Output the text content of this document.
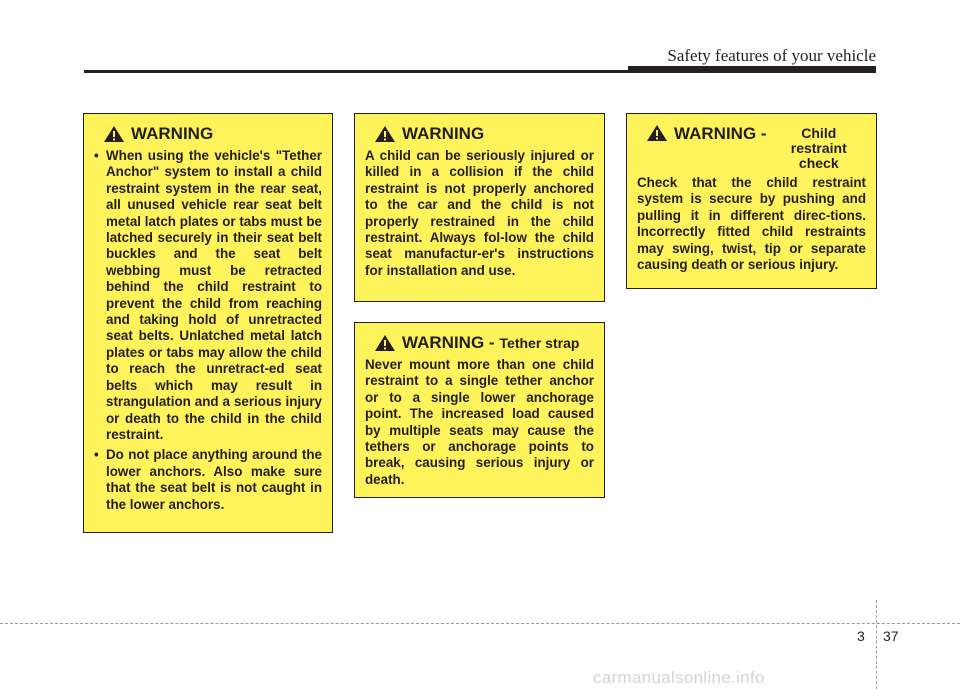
Safety features of your vehicle
WARNING
• When using the vehicle's "Tether Anchor" system to install a child restraint system in the rear seat, all unused vehicle rear seat belt metal latch plates or tabs must be latched securely in their seat belt buckles and the seat belt webbing must be retracted behind the child restraint to prevent the child from reaching and taking hold of unretracted seat belts. Unlatched metal latch plates or tabs may allow the child to reach the unretract-ed seat belts which may result in strangulation and a serious injury or death to the child in the child restraint.
• Do not place anything around the lower anchors. Also make sure that the seat belt is not caught in the lower anchors.
WARNING

A child can be seriously injured or killed in a collision if the child restraint is not properly anchored to the car and the child is not properly restrained in the child restraint. Always fol-low the child seat manufactur-er's instructions for installation and use.

WARNING - Tether strap

Never mount more than one child restraint to a single tether anchor or to a single lower anchorage point. The increased load caused by multiple seats may cause the tethers or anchorage points to break, causing serious injury or death.

WARNING -	Child restraint check

Check that the child restraint system is secure by pushing and pulling it in different direc-tions. Incorrectly fitted child restraints may swing, twist, tip or separate causing death or serious injury.

3 37
carmanualsonline.info
